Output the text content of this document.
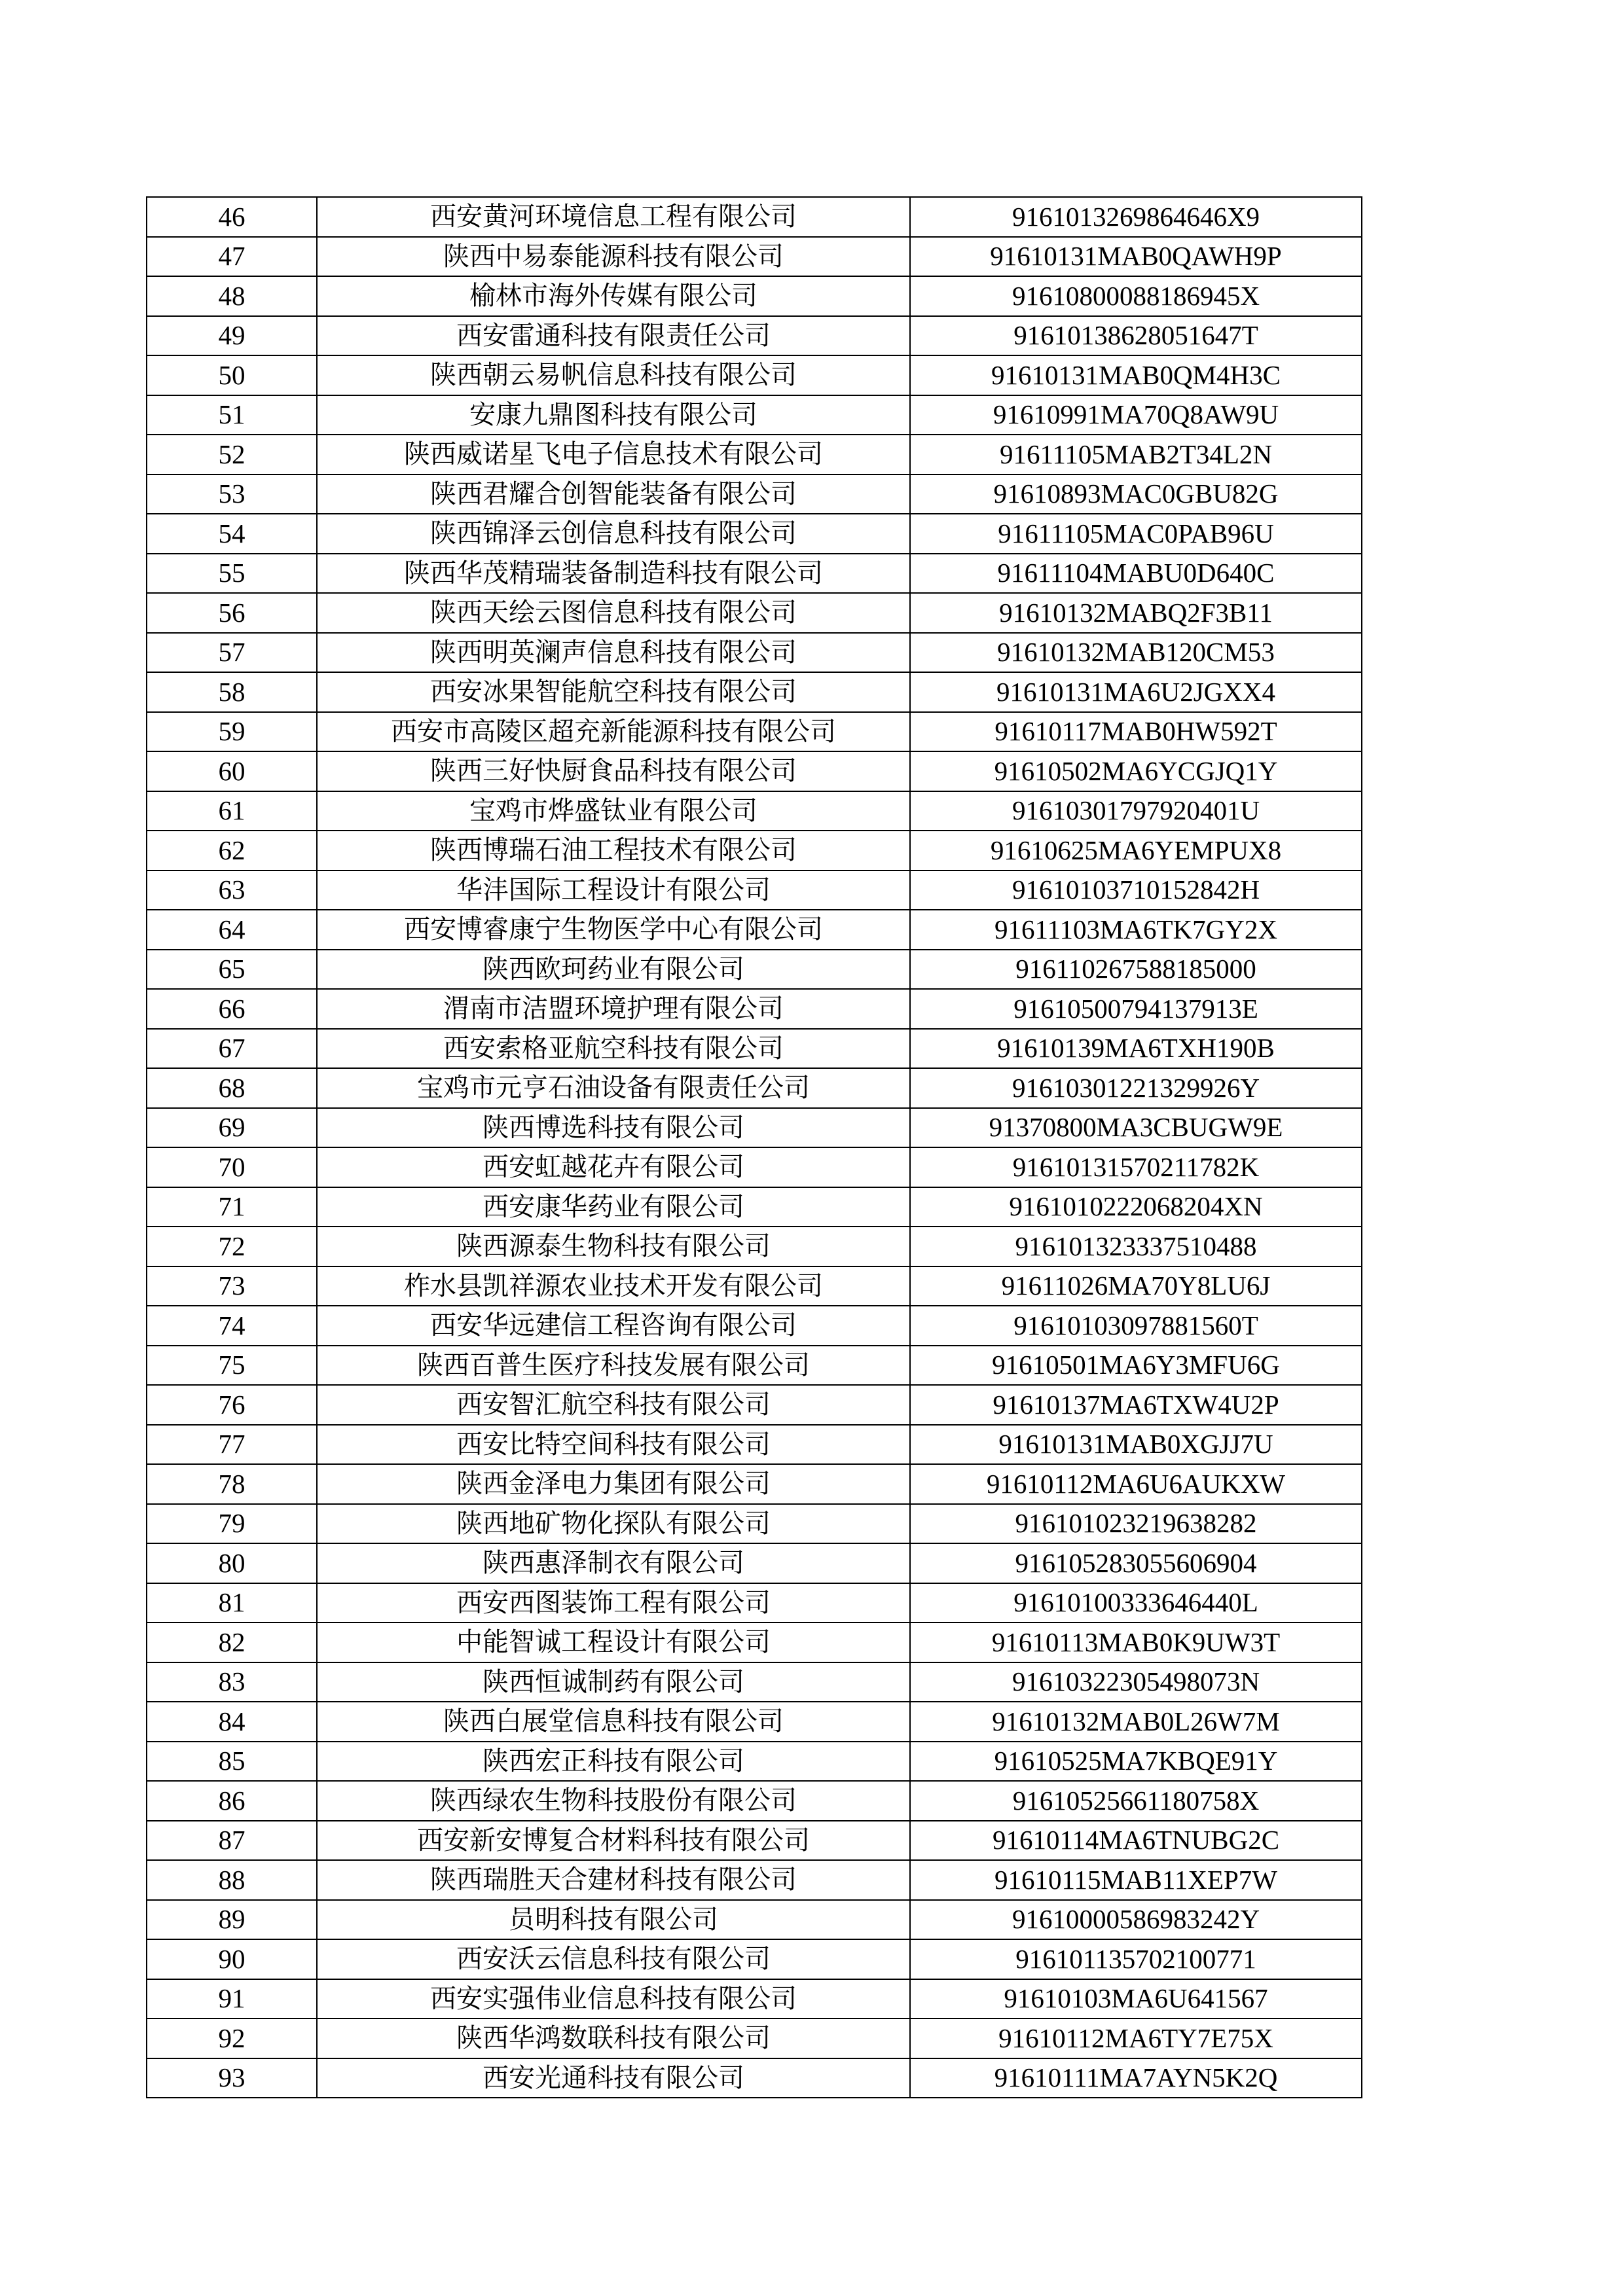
46	西安黄河环境信息工程有限公司	9161013269864646X9
47	陕西中易泰能源科技有限公司	91610131MAB0QAWH9P
48	榆林市海外传媒有限公司	91610800088186945X
49	西安雷通科技有限责任公司	91610138628051647T
50	陕西朝云易帆信息科技有限公司	91610131MAB0QM4H3C
51	安康九鼎图科技有限公司	91610991MA70Q8AW9U
52	陕西威诺星飞电子信息技术有限公司	91611105MAB2T34L2N
53	陕西君耀合创智能装备有限公司	91610893MAC0GBU82G
54	陕西锦泽云创信息科技有限公司	91611105MAC0PAB96U
55	陕西华茂精瑞装备制造科技有限公司	91611104MABU0D640C
56	陕西天绘云图信息科技有限公司	91610132MABQ2F3B11
57	陕西明英澜声信息科技有限公司	91610132MAB120CM53
58	西安冰果智能航空科技有限公司	91610131MA6U2JGXX4
59	西安市高陵区超充新能源科技有限公司	91610117MAB0HW592T
60	陕西三好快厨食品科技有限公司	91610502MA6YCGJQ1Y
61	宝鸡市烨盛钛业有限公司	91610301797920401U
62	陕西博瑞石油工程技术有限公司	91610625MA6YEMPUX8
63	华沣国际工程设计有限公司	91610103710152842H
64	西安博睿康宁生物医学中心有限公司	91611103MA6TK7GY2X
65	陕西欧珂药业有限公司	916110267588185000
66	渭南市洁盟环境护理有限公司	91610500794137913E
67	西安索格亚航空科技有限公司	91610139MA6TXH190B
68	宝鸡市元亨石油设备有限责任公司	91610301221329926Y
69	陕西博选科技有限公司	91370800MA3CBUGW9E
70	西安虹越花卉有限公司	91610131570211782K
71	西安康华药业有限公司	9161010222068204XN
72	陕西源泰生物科技有限公司	916101323337510488
73	柞水县凯祥源农业技术开发有限公司	91611026MA70Y8LU6J
74	西安华远建信工程咨询有限公司	91610103097881560T
75	陕西百普生医疗科技发展有限公司	91610501MA6Y3MFU6G
76	西安智汇航空科技有限公司	91610137MA6TXW4U2P
77	西安比特空间科技有限公司	91610131MAB0XGJJ7U
78	陕西金泽电力集团有限公司	91610112MA6U6AUKXW
79	陕西地矿物化探队有限公司	916101023219638282
80	陕西惠泽制衣有限公司	916105283055606904
81	西安西图装饰工程有限公司	91610100333646440L
82	中能智诚工程设计有限公司	91610113MAB0K9UW3T
83	陕西恒诚制药有限公司	91610322305498073N
84	陕西白展堂信息科技有限公司	91610132MAB0L26W7M
85	陕西宏正科技有限公司	91610525MA7KBQE91Y
86	陕西绿农生物科技股份有限公司	91610525661180758X
87	西安新安博复合材料科技有限公司	91610114MA6TNUBG2C
88	陕西瑞胜天合建材科技有限公司	91610115MAB11XEP7W
89	员明科技有限公司	91610000586983242Y
90	西安沃云信息科技有限公司	916101135702100771
91	西安实强伟业信息科技有限公司	91610103MA6U641567
92	陕西华鸿数联科技有限公司	91610112MA6TY7E75X
93	西安光通科技有限公司	91610111MA7AYN5K2Q
